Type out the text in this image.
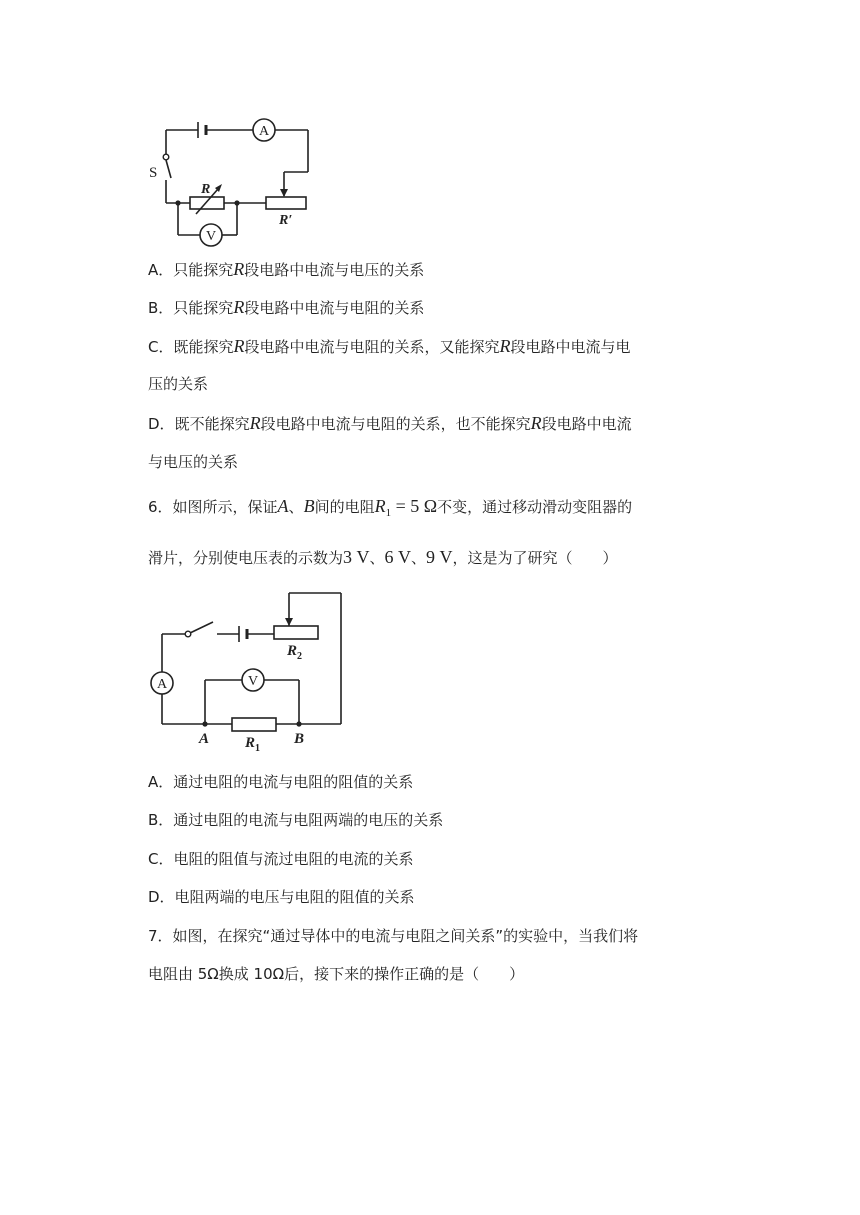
A
V
S
R
R′
A．只能探究R段电路中电流与电压的关系
B．只能探究R段电路中电流与电阻的关系
C．既能探究R段电路中电流与电阻的关系，又能探究R段电路中电流与电
压的关系
D．既不能探究R段电路中电流与电阻的关系，也不能探究R段电路中电流
与电压的关系
6．如图所示，保证A、B间的电阻$R_1 = 5$ Ω不变，通过移动滑动变阻器的
滑片，分别使电压表的示数为3 V、6 V、9 V，这是为了研究（　　）
A	V
$R_2$
A $R_1$
B
A．通过电阻的电流与电阻的阻值的关系
B．通过电阻的电流与电阻两端的电压的关系
C．电阻的阻值与流过电阻的电流的关系
D．电阻两端的电压与电阻的阻值的关系
7．如图，在探究“通过导体中的电流与电阻之间关系”的实验中，当我们将
电阻由 5Ω换成 10Ω后，接下来的操作正确的是（　　）
